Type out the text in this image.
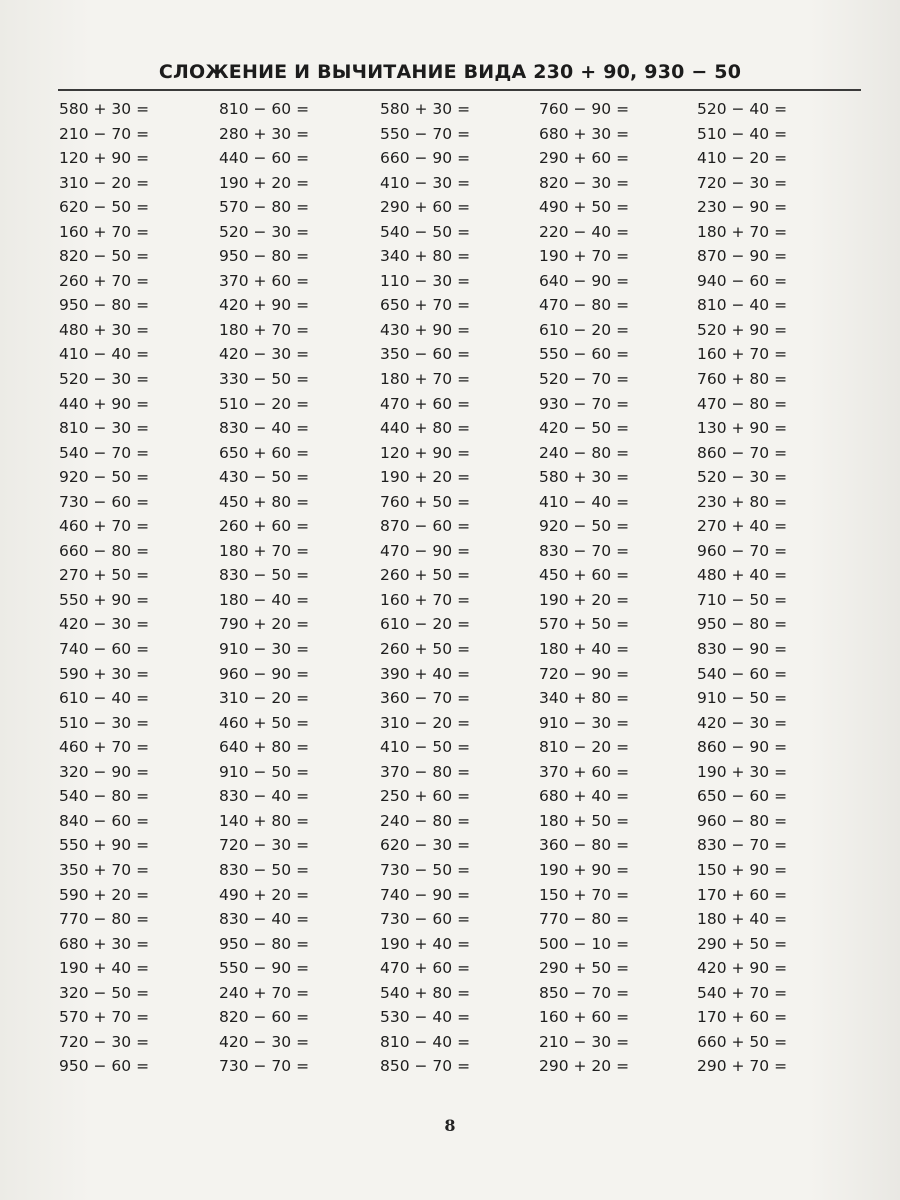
СЛОЖЕНИЕ И ВЫЧИТАНИЕ ВИДА 230 + 90, 930 − 50
580 + 30 =
210 − 70 =
120 + 90 =
310 − 20 =
620 − 50 =
160 + 70 =
820 − 50 =
260 + 70 =
950 − 80 =
480 + 30 =
410 − 40 =
520 − 30 =
440 + 90 =
810 − 30 =
540 − 70 =
920 − 50 =
730 − 60 =
460 + 70 =
660 − 80 =
270 + 50 =
550 + 90 =
420 − 30 =
740 − 60 =
590 + 30 =
610 − 40 =
510 − 30 =
460 + 70 =
320 − 90 =
540 − 80 =
840 − 60 =
550 + 90 =
350 + 70 =
590 + 20 =
770 − 80 =
680 + 30 =
190 + 40 =
320 − 50 =
570 + 70 =
720 − 30 =
950 − 60 =
810 − 60 =
280 + 30 =
440 − 60 =
190 + 20 =
570 − 80 =
520 − 30 =
950 − 80 =
370 + 60 =
420 + 90 =
180 + 70 =
420 − 30 =
330 − 50 =
510 − 20 =
830 − 40 =
650 + 60 =
430 − 50 =
450 + 80 =
260 + 60 =
180 + 70 =
830 − 50 =
180 − 40 =
790 + 20 =
910 − 30 =
960 − 90 =
310 − 20 =
460 + 50 =
640 + 80 =
910 − 50 =
830 − 40 =
140 + 80 =
720 − 30 =
830 − 50 =
490 + 20 =
830 − 40 =
950 − 80 =
550 − 90 =
240 + 70 =
820 − 60 =
420 − 30 =
730 − 70 =
580 + 30 =
550 − 70 =
660 − 90 =
410 − 30 =
290 + 60 =
540 − 50 =
340 + 80 =
110 − 30 =
650 + 70 =
430 + 90 =
350 − 60 =
180 + 70 =
470 + 60 =
440 + 80 =
120 + 90 =
190 + 20 =
760 + 50 =
870 − 60 =
470 − 90 =
260 + 50 =
160 + 70 =
610 − 20 =
260 + 50 =
390 + 40 =
360 − 70 =
310 − 20 =
410 − 50 =
370 − 80 =
250 + 60 =
240 − 80 =
620 − 30 =
730 − 50 =
740 − 90 =
730 − 60 =
190 + 40 =
470 + 60 =
540 + 80 =
530 − 40 =
810 − 40 =
850 − 70 =
760 − 90 =
680 + 30 =
290 + 60 =
820 − 30 =
490 + 50 =
220 − 40 =
190 + 70 =
640 − 90 =
470 − 80 =
610 − 20 =
550 − 60 =
520 − 70 =
930 − 70 =
420 − 50 =
240 − 80 =
580 + 30 =
410 − 40 =
920 − 50 =
830 − 70 =
450 + 60 =
190 + 20 =
570 + 50 =
180 + 40 =
720 − 90 =
340 + 80 =
910 − 30 =
810 − 20 =
370 + 60 =
680 + 40 =
180 + 50 =
360 − 80 =
190 + 90 =
150 + 70 =
770 − 80 =
500 − 10 =
290 + 50 =
850 − 70 =
160 + 60 =
210 − 30 =
290 + 20 =
520 − 40 =
510 − 40 =
410 − 20 =
720 − 30 =
230 − 90 =
180 + 70 =
870 − 90 =
940 − 60 =
810 − 40 =
520 + 90 =
160 + 70 =
760 + 80 =
470 − 80 =
130 + 90 =
860 − 70 =
520 − 30 =
230 + 80 =
270 + 40 =
960 − 70 =
480 + 40 =
710 − 50 =
950 − 80 =
830 − 90 =
540 − 60 =
910 − 50 =
420 − 30 =
860 − 90 =
190 + 30 =
650 − 60 =
960 − 80 =
830 − 70 =
150 + 90 =
170 + 60 =
180 + 40 =
290 + 50 =
420 + 90 =
540 + 70 =
170 + 60 =
660 + 50 =
290 + 70 =
8
